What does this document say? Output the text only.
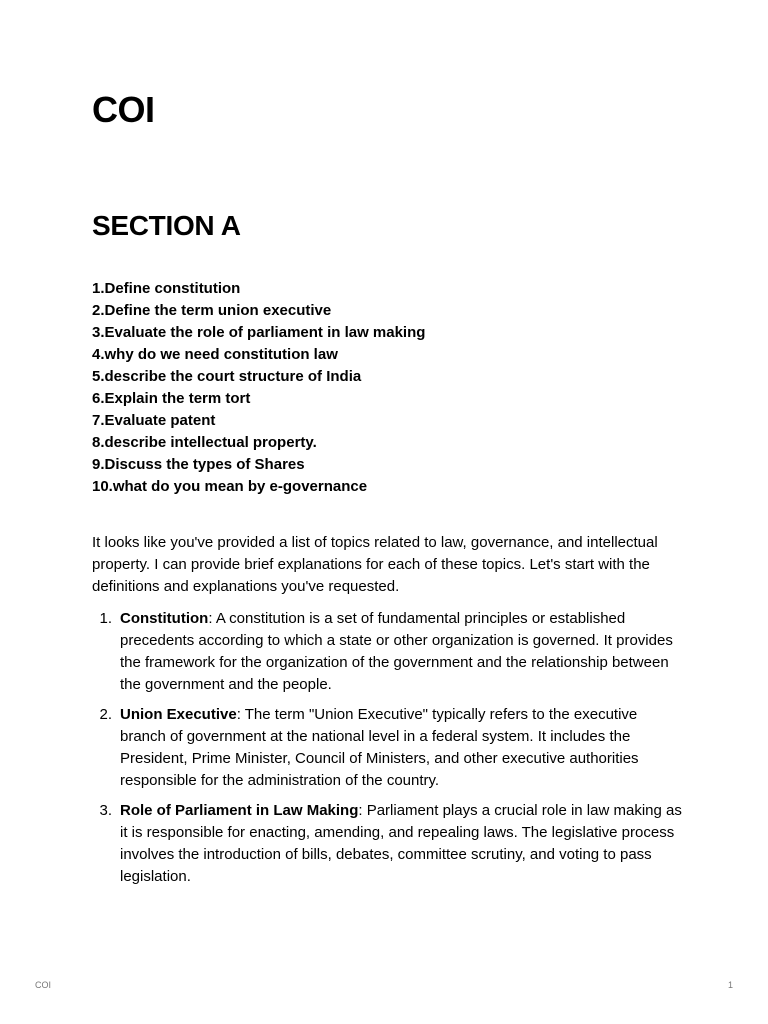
COI
SECTION A
1.Define constitution
2.Define the term union executive
3.Evaluate the role of parliament in law making
4.why do we need constitution law
5.describe the court structure of India
6.Explain the term tort
7.Evaluate patent
8.describe intellectual property.
9.Discuss the types of Shares
10.what do you mean by e-governance

It looks like you've provided a list of topics related to law, governance, and intellectual property. I can provide brief explanations for each of these topics. Let's start with the definitions and explanations you've requested.

1. Constitution: A constitution is a set of fundamental principles or established precedents according to which a state or other organization is governed. It provides the framework for the organization of the government and the relationship between the government and the people.
2. Union Executive: The term "Union Executive" typically refers to the executive branch of government at the national level in a federal system. It includes the President, Prime Minister, Council of Ministers, and other executive authorities responsible for the administration of the country.
3. Role of Parliament in Law Making: Parliament plays a crucial role in law making as it is responsible for enacting, amending, and repealing laws. The legislative process involves the introduction of bills, debates, committee scrutiny, and voting to pass legislation.
COI	1
